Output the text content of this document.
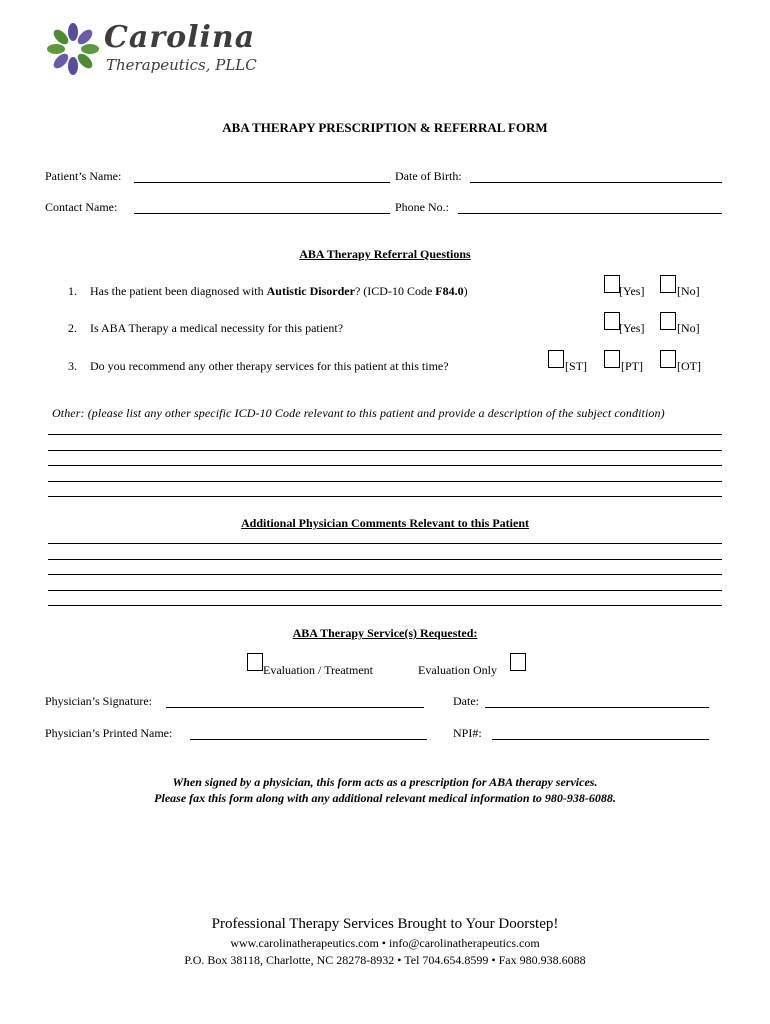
Carolina
Therapeutics, PLLC
ABA THERAPY PRESCRIPTION & REFERRAL FORM
Patient’s Name:	Date of Birth:
Contact Name:	Phone No.:
ABA Therapy Referral Questions
1. Has the patient been diagnosed with Autistic Disorder? (ICD-10 Code F84.0)	[Yes]	[No]
2. Is ABA Therapy a medical necessity for this patient?	[Yes]	[No]
3. Do you recommend any other therapy services for this patient at this time?	[ST]	[PT]	[OT]
Other: (please list any other specific ICD-10 Code relevant to this patient and provide a description of the subject condition)
Additional Physician Comments Relevant to this Patient
ABA Therapy Service(s) Requested:
Evaluation / Treatment	Evaluation Only
Physician’s Signature:	Date:
Physician’s Printed Name:	NPI#:
When signed by a physician, this form acts as a prescription for ABA therapy services.
Please fax this form along with any additional relevant medical information to 980-938-6088.
Professional Therapy Services Brought to Your Doorstep!
www.carolinatherapeutics.com • info@carolinatherapeutics.com
P.O. Box 38118, Charlotte, NC 28278-8932 • Tel 704.654.8599 • Fax 980.938.6088
